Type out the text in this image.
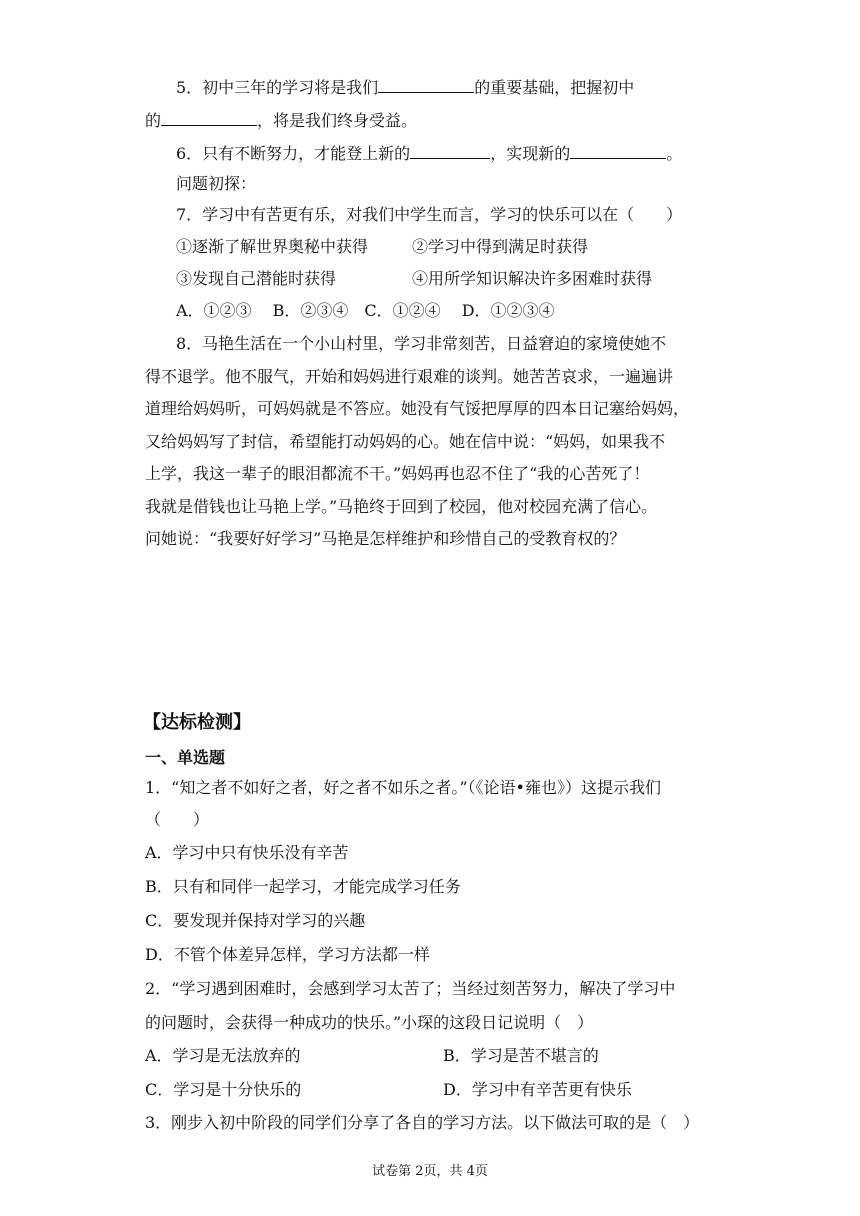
5．初中三年的学习将是我们	的重要基础，把握初中
的	，将是我们终身受益。
6．只有不断努力，才能登上新的	，实现新的	。
问题初探：
7．学习中有苦更有乐，对我们中学生而言，学习的快乐可以在（　　）
①逐渐了解世界奥秘中获得	②学习中得到满足时获得
③发现自己潜能时获得	④用所学知识解决许多困难时获得
A．①②③　 B．②③④　C．①②④　 D．①②③④
8．马艳生活在一个小山村里，学习非常刻苦，日益窘迫的家境使她不
得不退学。他不服气，开始和妈妈进行艰难的谈判。她苦苦哀求，一遍遍讲
道理给妈妈听，可妈妈就是不答应。她没有气馁把厚厚的四本日记塞给妈妈，
又给妈妈写了封信，希望能打动妈妈的心。她在信中说：“妈妈，如果我不
上学，我这一辈子的眼泪都流不干。”妈妈再也忍不住了“我的心苦死了！
我就是借钱也让马艳上学。”马艳终于回到了校园，他对校园充满了信心。
问她说：“我要好好学习”马艳是怎样维护和珍惜自己的受教育权的？
【达标检测】
一、单选题
1．“知之者不如好之者，好之者不如乐之者。”（《论语•雍也》）这提示我们
（　　）
A．学习中只有快乐没有辛苦
B．只有和同伴一起学习，才能完成学习任务
C．要发现并保持对学习的兴趣
D．不管个体差异怎样，学习方法都一样
2．“学习遇到困难时，会感到学习太苦了；当经过刻苦努力，解决了学习中
的问题时，会获得一种成功的快乐。”小琛的这段日记说明（　）
A．学习是无法放弃的	B．学习是苦不堪言的
C．学习是十分快乐的	D．学习中有辛苦更有快乐
3．刚步入初中阶段的同学们分享了各自的学习方法。以下做法可取的是（　）
试卷第 2页，共 4页
